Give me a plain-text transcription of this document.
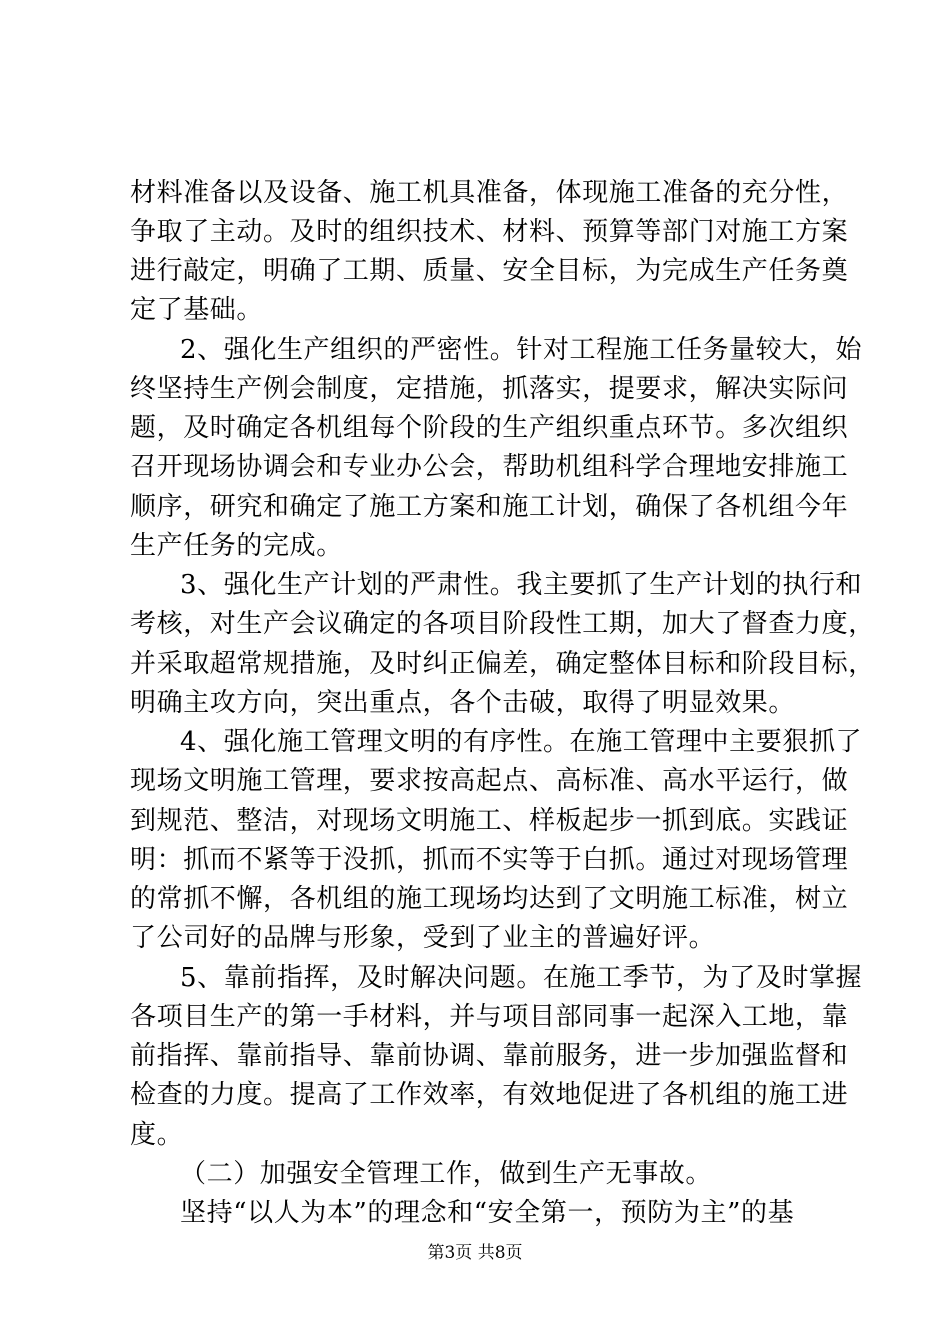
材料准备以及设备、施工机具准备，体现施工准备的充分性，
争取了主动。及时的组织技术、材料、预算等部门对施工方案
进行敲定，明确了工期、质量、安全目标，为完成生产任务奠
定了基础。
2、强化生产组织的严密性。针对工程施工任务量较大，始
终坚持生产例会制度，定措施，抓落实，提要求，解决实际问
题，及时确定各机组每个阶段的生产组织重点环节。多次组织
召开现场协调会和专业办公会，帮助机组科学合理地安排施工
顺序，研究和确定了施工方案和施工计划，确保了各机组今年
生产任务的完成。
3、强化生产计划的严肃性。我主要抓了生产计划的执行和
考核，对生产会议确定的各项目阶段性工期，加大了督查力度，
并采取超常规措施，及时纠正偏差，确定整体目标和阶段目标，
明确主攻方向，突出重点，各个击破，取得了明显效果。
4、强化施工管理文明的有序性。在施工管理中主要狠抓了
现场文明施工管理，要求按高起点、高标准、高水平运行，做
到规范、整洁，对现场文明施工、样板起步一抓到底。实践证
明：抓而不紧等于没抓，抓而不实等于白抓。通过对现场管理
的常抓不懈，各机组的施工现场均达到了文明施工标准，树立
了公司好的品牌与形象，受到了业主的普遍好评。
5、靠前指挥，及时解决问题。在施工季节，为了及时掌握
各项目生产的第一手材料，并与项目部同事一起深入工地，靠
前指挥、靠前指导、靠前协调、靠前服务，进一步加强监督和
检查的力度。提高了工作效率，有效地促进了各机组的施工进
度。
（二）加强安全管理工作，做到生产无事故。
坚持“以人为本”的理念和“安全第一，预防为主”的基
第3页 共8页
